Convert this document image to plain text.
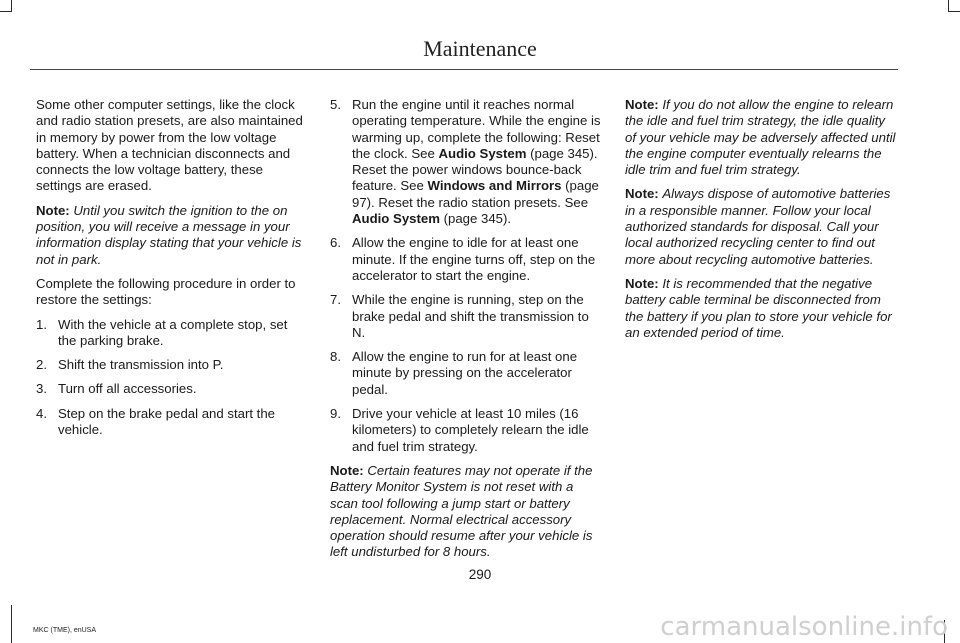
Maintenance

Some other computer settings, like the clock and radio station presets, are also maintained in memory by power from the low voltage battery. When a technician disconnects and connects the low voltage battery, these settings are erased.

Note: Until you switch the ignition to the on position, you will receive a message in your information display stating that your vehicle is not in park.

Complete the following procedure in order to restore the settings:

1. With the vehicle at a complete stop, set the parking brake.
2. Shift the transmission into P.
3. Turn off all accessories.
4. Step on the brake pedal and start the vehicle.
5. Run the engine until it reaches normal operating temperature. While the engine is warming up, complete the following: Reset the clock. See Audio System (page 345). Reset the power windows bounce-back feature. See Windows and Mirrors (page 97). Reset the radio station presets. See Audio System (page 345).
6. Allow the engine to idle for at least one minute. If the engine turns off, step on the accelerator to start the engine.
7. While the engine is running, step on the brake pedal and shift the transmission to N.
8. Allow the engine to run for at least one minute by pressing on the accelerator pedal.
9. Drive your vehicle at least 10 miles (16 kilometers) to completely relearn the idle and fuel trim strategy.

Note: Certain features may not operate if the Battery Monitor System is not reset with a scan tool following a jump start or battery replacement. Normal electrical accessory operation should resume after your vehicle is left undisturbed for 8 hours.

Note: If you do not allow the engine to relearn the idle and fuel trim strategy, the idle quality of your vehicle may be adversely affected until the engine computer eventually relearns the idle trim and fuel trim strategy.

Note: Always dispose of automotive batteries in a responsible manner. Follow your local authorized standards for disposal. Call your local authorized recycling center to find out more about recycling automotive batteries.

Note: It is recommended that the negative battery cable terminal be disconnected from the battery if you plan to store your vehicle for an extended period of time.

290
MKC (TME), enUSA	carmanualsonline.info
